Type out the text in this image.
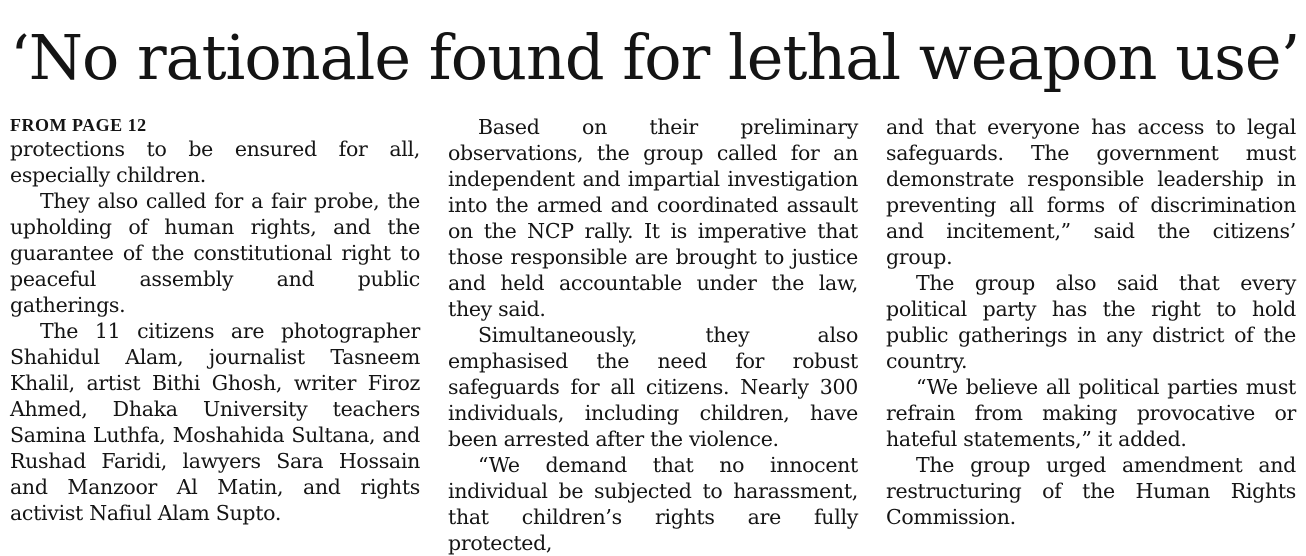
‘No rationale found for lethal weapon use’
FROM PAGE 12

protections to be ensured for all, especially children.

They also called for a fair probe, the upholding of human rights, and the guarantee of the constitutional right to peaceful assembly and public gatherings.

The 11 citizens are photographer Shahidul Alam, journalist Tasneem Khalil, artist Bithi Ghosh, writer Firoz Ahmed, Dhaka University teachers Samina Luthfa, Moshahida Sultana, and Rushad Faridi, lawyers Sara Hossain and Manzoor Al Matin, and rights activist Nafiul Alam Supto.

Based on their preliminary observations, the group called for an independent and impartial investigation into the armed and coordinated assault on the NCP rally. It is imperative that those responsible are brought to justice and held accountable under the law, they said.

Simultaneously, they also emphasised the need for robust safeguards for all citizens. Nearly 300 individuals, including children, have been arrested after the violence.

“We demand that no innocent individual be subjected to harassment, that children’s rights are fully protected,

and that everyone has access to legal safeguards. The government must demonstrate responsible leadership in preventing all forms of discrimination and incitement,” said the citizens’ group.

The group also said that every political party has the right to hold public gatherings in any district of the country.

“We believe all political parties must refrain from making provocative or hateful statements,” it added.

The group urged amendment and restructuring of the Human Rights Commission.
